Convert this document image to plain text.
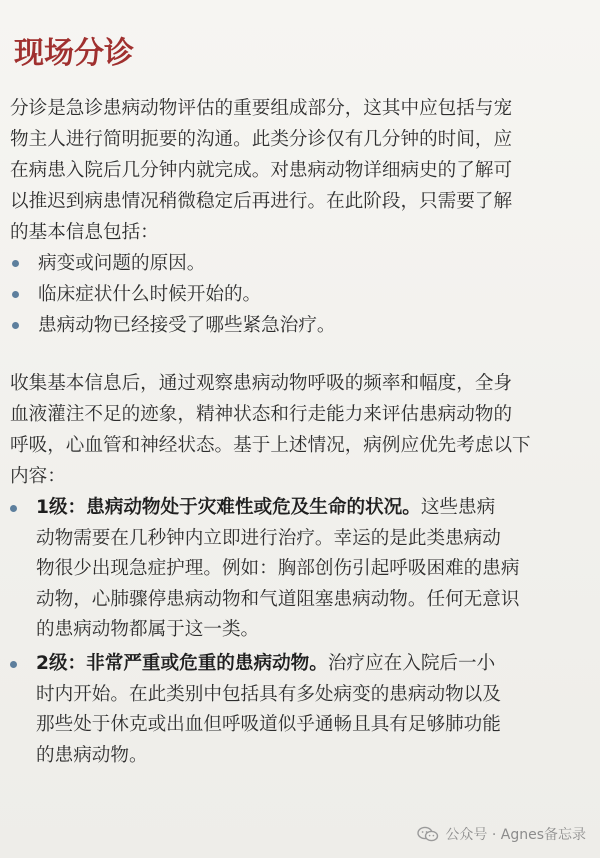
现场分诊

分诊是急诊患病动物评估的重要组成部分，这其中应包括与宠
物主人进行简明扼要的沟通。此类分诊仅有几分钟的时间，应
在病患入院后几分钟内就完成。对患病动物详细病史的了解可
以推迟到病患情况稍微稳定后再进行。在此阶段，只需要了解
的基本信息包括：

病变或问题的原因。
临床症状什么时候开始的。
患病动物已经接受了哪些紧急治疗。

收集基本信息后，通过观察患病动物呼吸的频率和幅度，全身
血液灌注不足的迹象，精神状态和行走能力来评估患病动物的
呼吸，心血管和神经状态。基于上述情况，病例应优先考虑以下
内容：

1级：患病动物处于灾难性或危及生命的状况。这些患病
动物需要在几秒钟内立即进行治疗。幸运的是此类患病动
物很少出现急症护理。例如：胸部创伤引起呼吸困难的患病
动物，心肺骤停患病动物和气道阻塞患病动物。任何无意识
的患病动物都属于这一类。
2级：非常严重或危重的患病动物。治疗应在入院后一小
时内开始。在此类别中包括具有多处病变的患病动物以及
那些处于休克或出血但呼吸道似乎通畅且具有足够肺功能
的患病动物。
公众号 · Agnes备忘录
